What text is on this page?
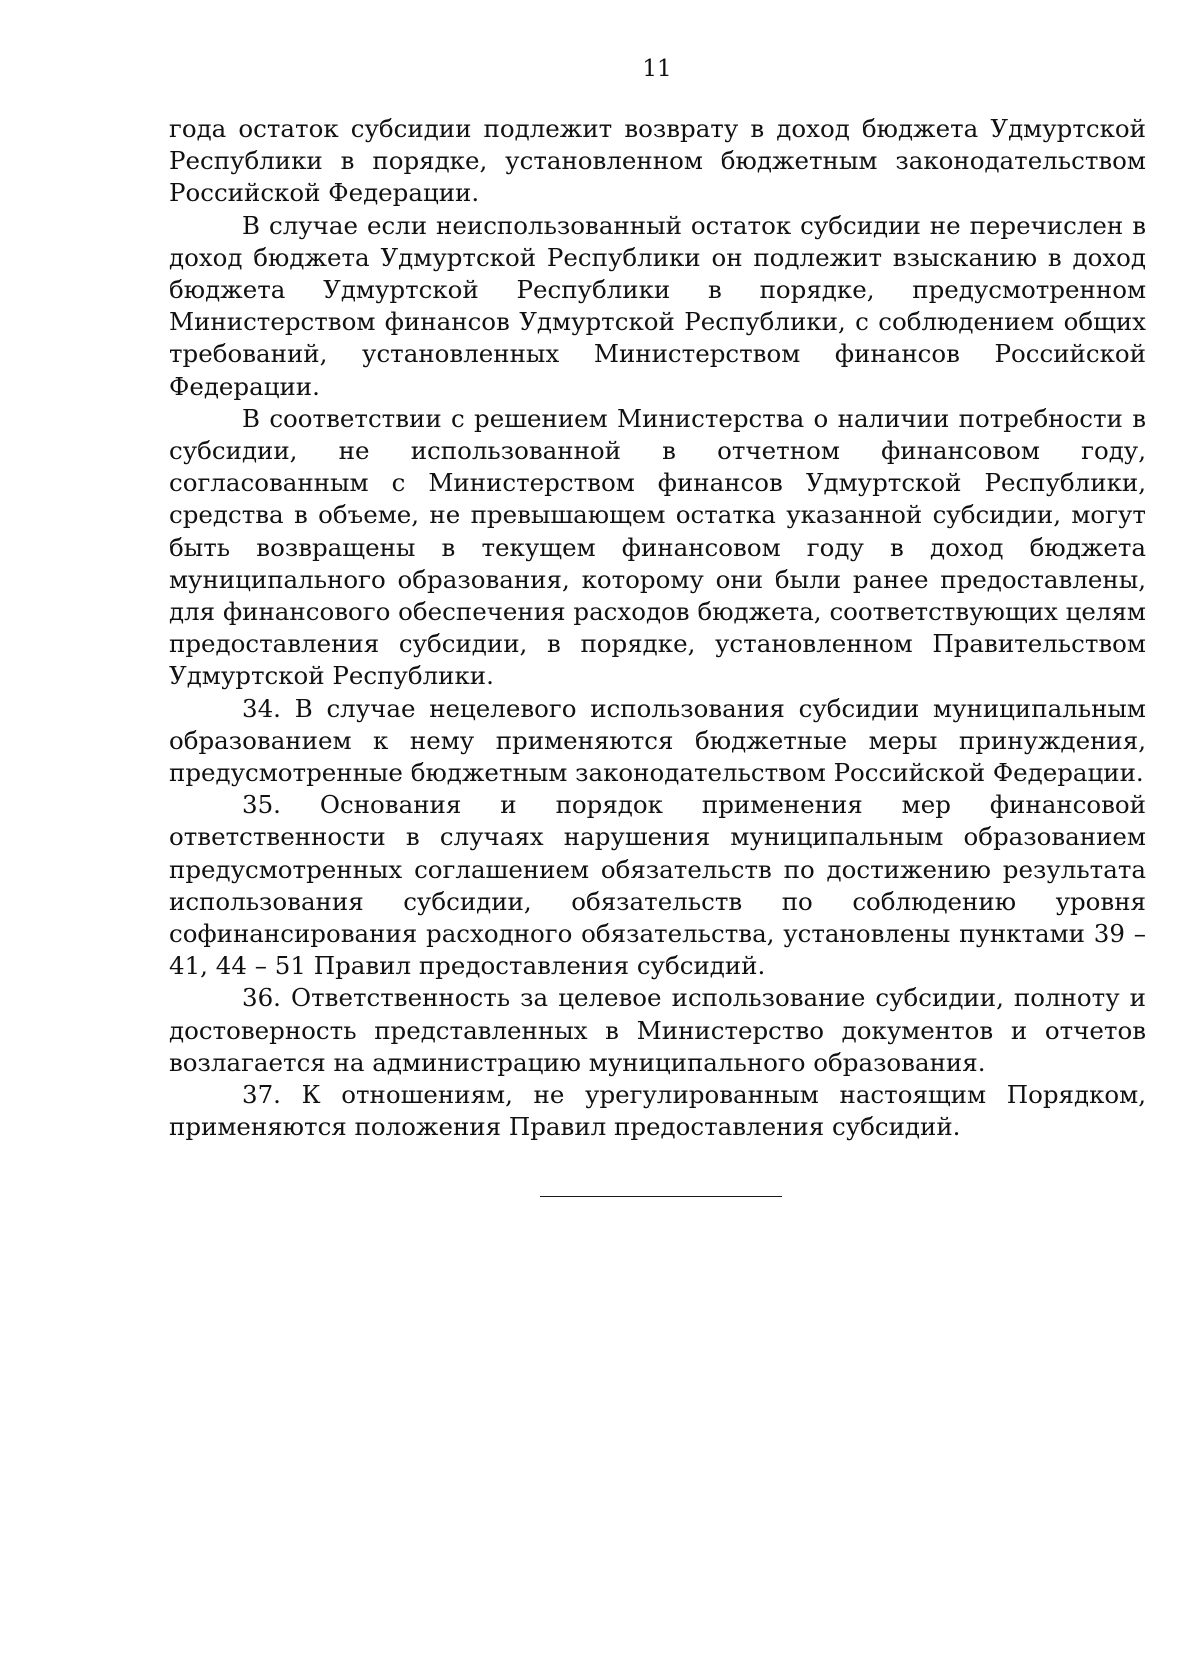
11

года остаток субсидии подлежит возврату в доход бюджета Удмуртской Республики в порядке, установленном бюджетным законодательством Российской Федерации.

В случае если неиспользованный остаток субсидии не перечислен в доход бюджета Удмуртской Республики он подлежит взысканию в доход бюджета Удмуртской Республики в порядке, предусмотренном Министерством финансов Удмуртской Республики, с соблюдением общих требований, установленных Министерством финансов Российской Федерации.

В соответствии с решением Министерства о наличии потребности в субсидии, не использованной в отчетном финансовом году, согласованным с Министерством финансов Удмуртской Республики, средства в объеме, не превышающем остатка указанной субсидии, могут быть возвращены в текущем финансовом году в доход бюджета муниципального образования, которому они были ранее предоставлены, для финансового обеспечения расходов бюджета, соответствующих целям предоставления субсидии, в порядке, установленном Правительством Удмуртской Республики.

34. В случае нецелевого использования субсидии муниципальным образованием к нему применяются бюджетные меры принуждения, предусмотренные бюджетным законодательством Российской Федерации.

35. Основания и порядок применения мер финансовой ответственности в случаях нарушения муниципальным образованием предусмотренных соглашением обязательств по достижению результата использования субсидии, обязательств по соблюдению уровня софинансирования расходного обязательства, установлены пунктами 39 – 41, 44 – 51 Правил предоставления субсидий.

36. Ответственность за целевое использование субсидии, полноту и достоверность представленных в Министерство документов и отчетов возлагается на администрацию муниципального образования.

37. К отношениям, не урегулированным настоящим Порядком, применяются положения Правил предоставления субсидий.
